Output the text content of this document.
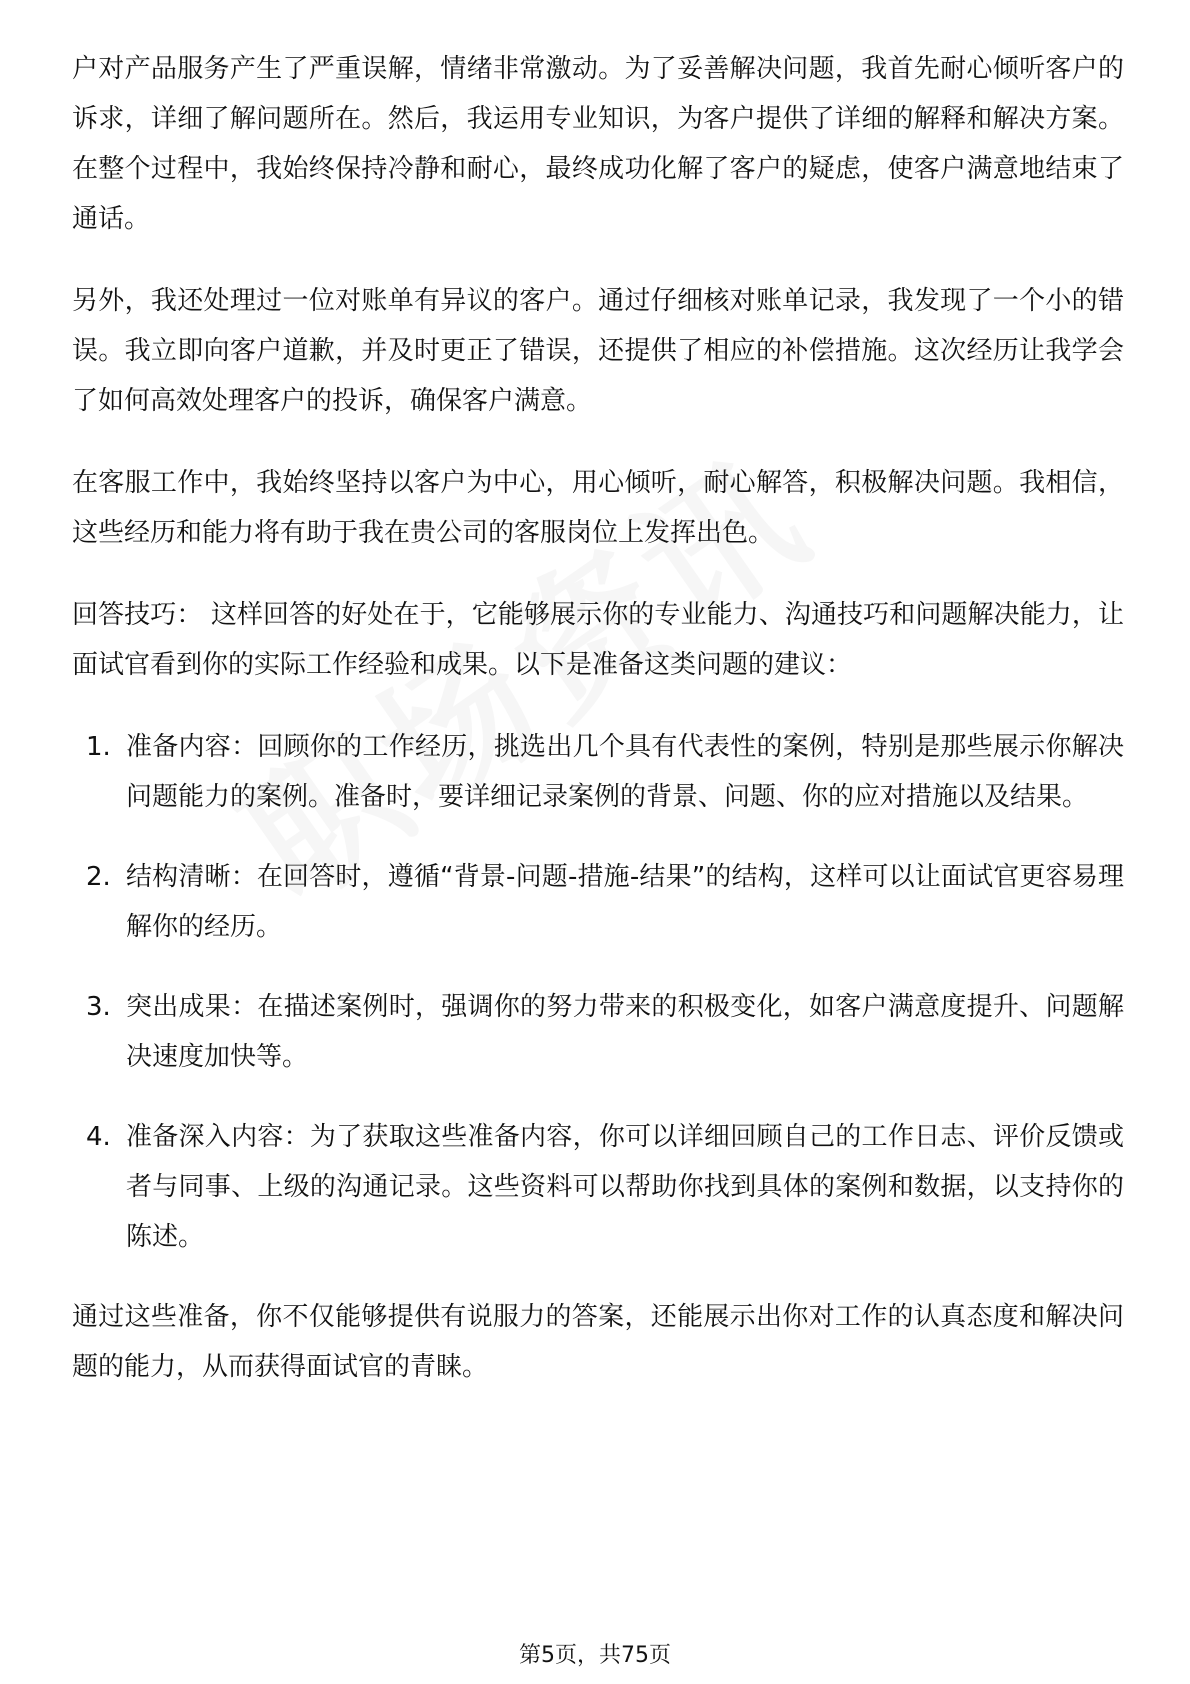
户对产品服务产生了严重误解，情绪非常激动。为了妥善解决问题，我首先耐心倾听客户的诉求，详细了解问题所在。然后，我运用专业知识，为客户提供了详细的解释和解决方案。在整个过程中，我始终保持冷静和耐心，最终成功化解了客户的疑虑，使客户满意地结束了通话。

另外，我还处理过一位对账单有异议的客户。通过仔细核对账单记录，我发现了一个小的错误。我立即向客户道歉，并及时更正了错误，还提供了相应的补偿措施。这次经历让我学会了如何高效处理客户的投诉，确保客户满意。

在客服工作中，我始终坚持以客户为中心，用心倾听，耐心解答，积极解决问题。我相信，这些经历和能力将有助于我在贵公司的客服岗位上发挥出色。

回答技巧： 这样回答的好处在于，它能够展示你的专业能力、沟通技巧和问题解决能力，让面试官看到你的实际工作经验和成果。以下是准备这类问题的建议：

1. 准备内容：回顾你的工作经历，挑选出几个具有代表性的案例，特别是那些展示你解决问题能力的案例。准备时，要详细记录案例的背景、问题、你的应对措施以及结果。
2. 结构清晰：在回答时，遵循“背景-问题-措施-结果”的结构，这样可以让面试官更容易理解你的经历。
3. 突出成果：在描述案例时，强调你的努力带来的积极变化，如客户满意度提升、问题解决速度加快等。
4. 准备深入内容：为了获取这些准备内容，你可以详细回顾自己的工作日志、评价反馈或者与同事、上级的沟通记录。这些资料可以帮助你找到具体的案例和数据，以支持你的陈述。

通过这些准备，你不仅能够提供有说服力的答案，还能展示出你对工作的认真态度和解决问题的能力，从而获得面试官的青睐。

第5页，共75页
